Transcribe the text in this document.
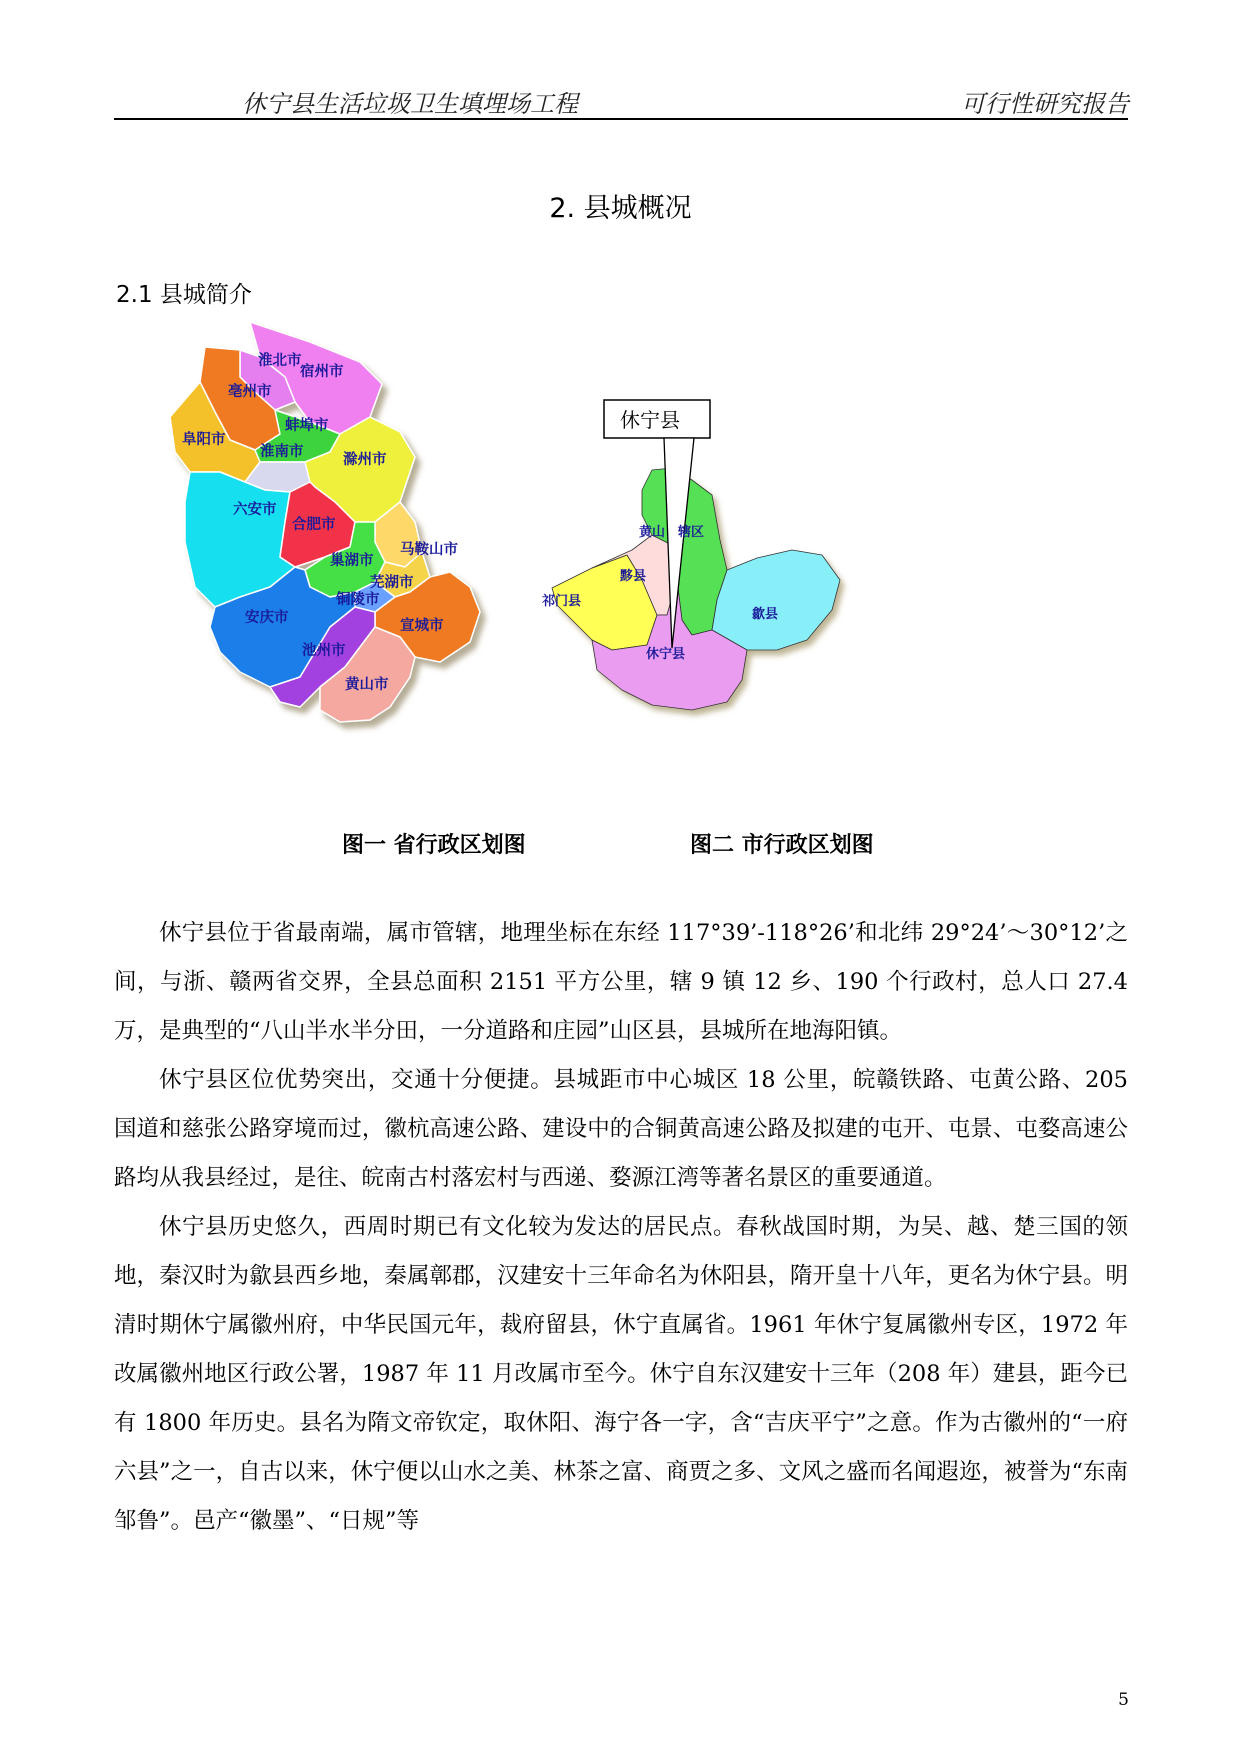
休宁县生活垃圾卫生填埋场工程	可行性研究报告
2. 县城概况
2.1 县城简介
淮北市
宿州市
亳州市
蚌埠市
阜阳市
淮南市	滁州市
六安市
合肥市
马鞍山市
巢湖市
芜湖市
铜陵市
安庆市	宣城市
池州市
黄山市
休宁县
黄山 辖区
黟县
祁门县
歙县
休宁县
图一 省行政区划图	图二 市行政区划图

休宁县位于省最南端，属市管辖，地理坐标在东经 117°39’-118°26’和北纬 29°24’～30°12’之间，与浙、赣两省交界，全县总面积 2151 平方公里，辖 9 镇 12 乡、190 个行政村，总人口 27.4 万，是典型的“八山半水半分田，一分道路和庄园”山区县，县城所在地海阳镇。

休宁县区位优势突出，交通十分便捷。县城距市中心城区 18 公里，皖赣铁路、屯黄公路、205 国道和慈张公路穿境而过，徽杭高速公路、建设中的合铜黄高速公路及拟建的屯开、屯景、屯婺高速公路均从我县经过，是往、皖南古村落宏村与西递、婺源江湾等著名景区的重要通道。

休宁县历史悠久，西周时期已有文化较为发达的居民点。春秋战国时期，为吴、越、楚三国的领地，秦汉时为歙县西乡地，秦属鄣郡，汉建安十三年命名为休阳县，隋开皇十八年，更名为休宁县。明清时期休宁属徽州府，中华民国元年，裁府留县，休宁直属省。1961 年休宁复属徽州专区，1972 年改属徽州地区行政公署，1987 年 11 月改属市至今。休宁自东汉建安十三年（208 年）建县，距今已有 1800 年历史。县名为隋文帝钦定，取休阳、海宁各一字，含“吉庆平宁”之意。作为古徽州的“一府六县”之一，自古以来，休宁便以山水之美、林茶之富、商贾之多、文风之盛而名闻遐迩，被誉为“东南邹鲁”。邑产“徽墨”、“日规”等

5
